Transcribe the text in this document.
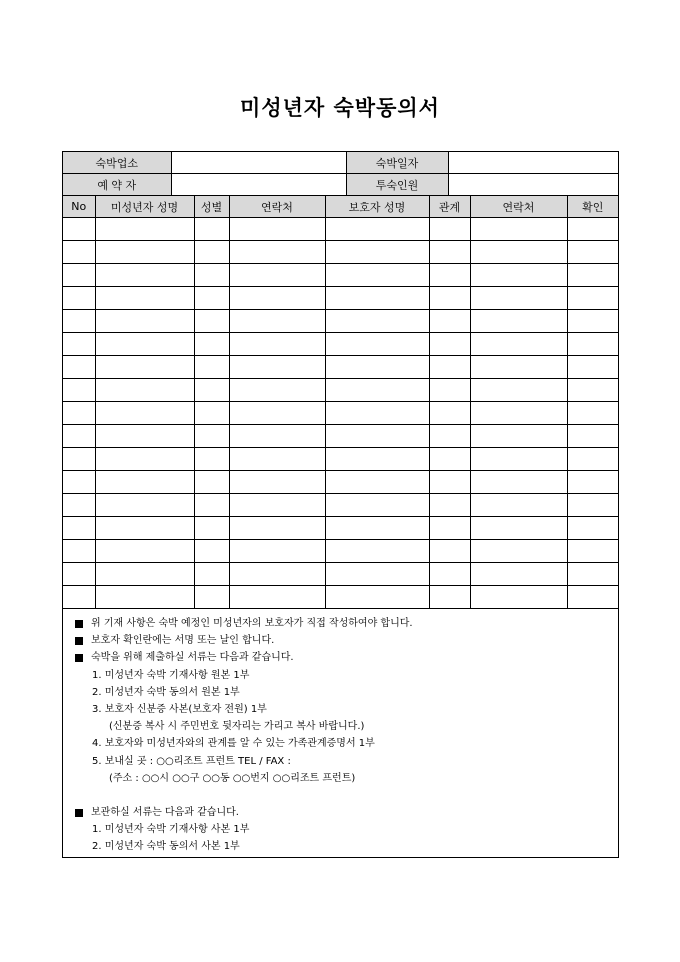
미성년자 숙박동의서
숙박업소		숙박일자	
예 약 자		투숙인원	
No	미성년자 성명	성별	연락처	보호자 성명	관계	연락처	확인

위 기재 사항은 숙박 예정인 미성년자의 보호자가 직접 작성하여야 합니다.
보호자 확인란에는 서명 또는 날인 합니다.
숙박을 위해 제출하실 서류는 다음과 같습니다.
1. 미성년자 숙박 기재사항 원본 1부
2. 미성년자 숙박 동의서 원본 1부
3. 보호자 신분증 사본(보호자 전원) 1부
(신분증 복사 시 주민번호 뒷자리는 가리고 복사 바랍니다.)
4. 보호자와 미성년자와의 관계를 알 수 있는 가족관계증명서 1부
5. 보내실 곳 : ○○리조트 프런트 TEL / FAX :
(주소 : ○○시 ○○구 ○○동 ○○번지 ○○리조트 프런트)
보관하실 서류는 다음과 같습니다.
1. 미성년자 숙박 기재사항 사본 1부
2. 미성년자 숙박 동의서 사본 1부
